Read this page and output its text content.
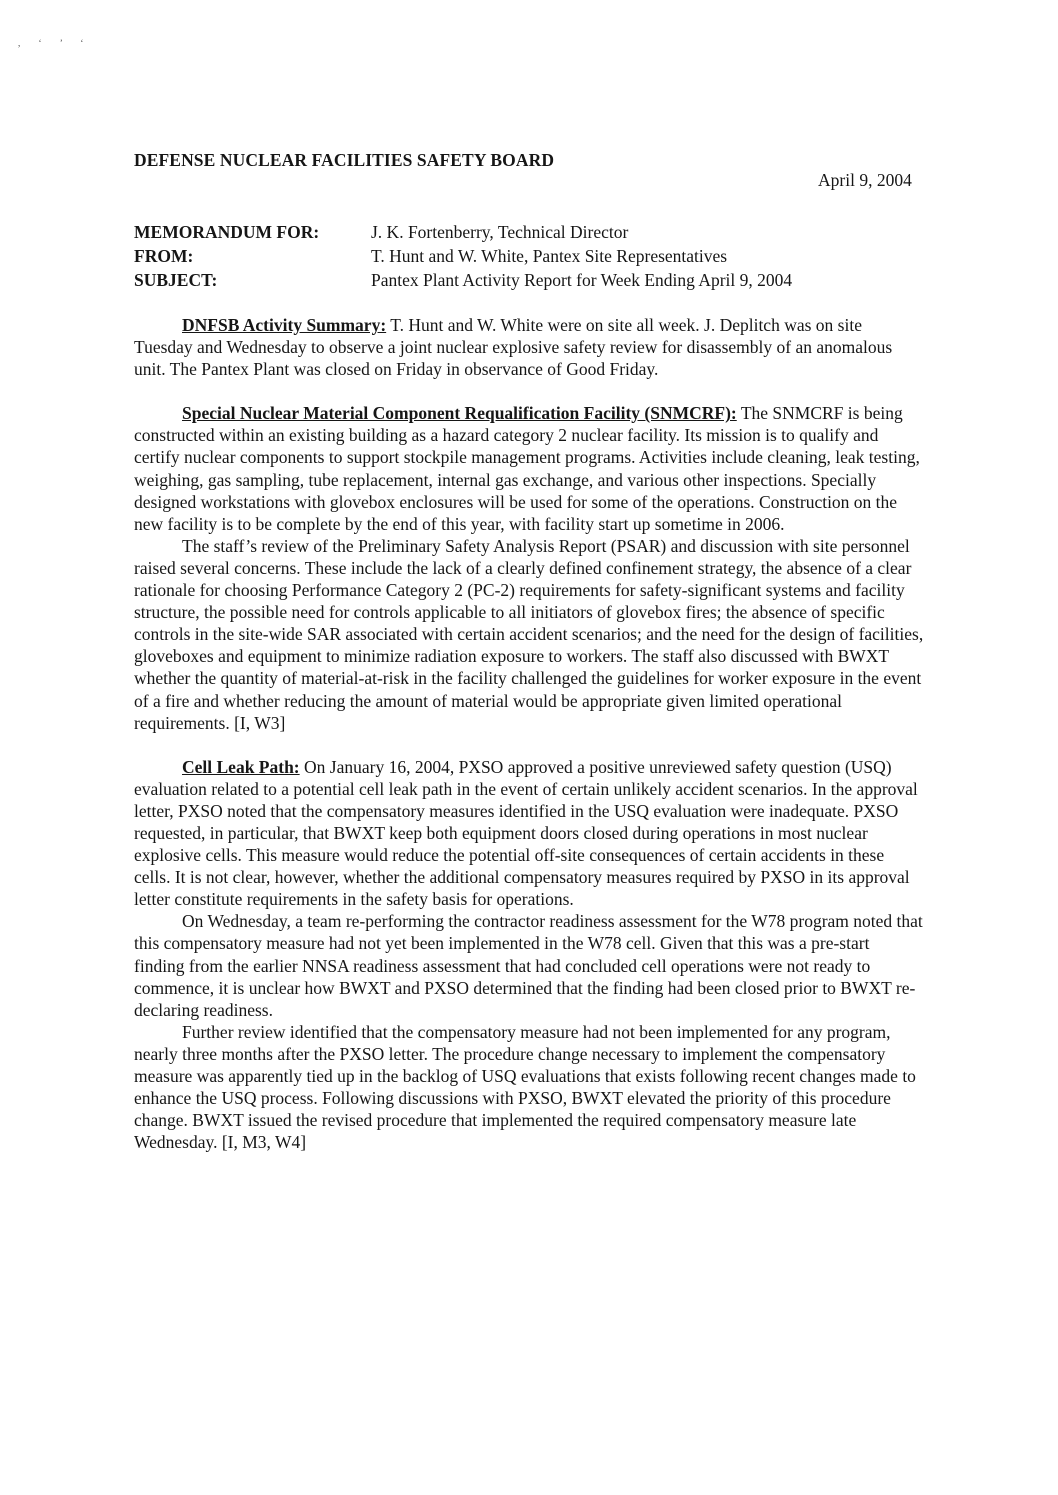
, ‘ ’ ‘
DEFENSE NUCLEAR FACILITIES SAFETY BOARD
April 9, 2004
MEMORANDUM FOR:	J. K. Fortenberry, Technical Director
FROM:	T. Hunt and W. White, Pantex Site Representatives
SUBJECT:	Pantex Plant Activity Report for Week Ending April 9, 2004

DNFSB Activity Summary: T. Hunt and W. White were on site all week. J. Deplitch was on site Tuesday and Wednesday to observe a joint nuclear explosive safety review for disassembly of an anomalous unit. The Pantex Plant was closed on Friday in observance of Good Friday.

Special Nuclear Material Component Requalification Facility (SNMCRF): The SNMCRF is being constructed within an existing building as a hazard category 2 nuclear facility. Its mission is to qualify and certify nuclear components to support stockpile management programs. Activities include cleaning, leak testing, weighing, gas sampling, tube replacement, internal gas exchange, and various other inspections. Specially designed workstations with glovebox enclosures will be used for some of the operations. Construction on the new facility is to be complete by the end of this year, with facility start up sometime in 2006.

The staff’s review of the Preliminary Safety Analysis Report (PSAR) and discussion with site personnel raised several concerns. These include the lack of a clearly defined confinement strategy, the absence of a clear rationale for choosing Performance Category 2 (PC-2) requirements for safety-significant systems and facility structure, the possible need for controls applicable to all initiators of glovebox fires; the absence of specific controls in the site-wide SAR associated with certain accident scenarios; and the need for the design of facilities, gloveboxes and equipment to minimize radiation exposure to workers. The staff also discussed with BWXT whether the quantity of material-at-risk in the facility challenged the guidelines for worker exposure in the event of a fire and whether reducing the amount of material would be appropriate given limited operational requirements. [I, W3]

Cell Leak Path: On January 16, 2004, PXSO approved a positive unreviewed safety question (USQ) evaluation related to a potential cell leak path in the event of certain unlikely accident scenarios. In the approval letter, PXSO noted that the compensatory measures identified in the USQ evaluation were inadequate. PXSO requested, in particular, that BWXT keep both equipment doors closed during operations in most nuclear explosive cells. This measure would reduce the potential off-site consequences of certain accidents in these cells. It is not clear, however, whether the additional compensatory measures required by PXSO in its approval letter constitute requirements in the safety basis for operations.

On Wednesday, a team re-performing the contractor readiness assessment for the W78 program noted that this compensatory measure had not yet been implemented in the W78 cell. Given that this was a pre-start finding from the earlier NNSA readiness assessment that had concluded cell operations were not ready to commence, it is unclear how BWXT and PXSO determined that the finding had been closed prior to BWXT re-declaring readiness.

Further review identified that the compensatory measure had not been implemented for any program, nearly three months after the PXSO letter. The procedure change necessary to implement the compensatory measure was apparently tied up in the backlog of USQ evaluations that exists following recent changes made to enhance the USQ process. Following discussions with PXSO, BWXT elevated the priority of this procedure change. BWXT issued the revised procedure that implemented the required compensatory measure late Wednesday. [I, M3, W4]
